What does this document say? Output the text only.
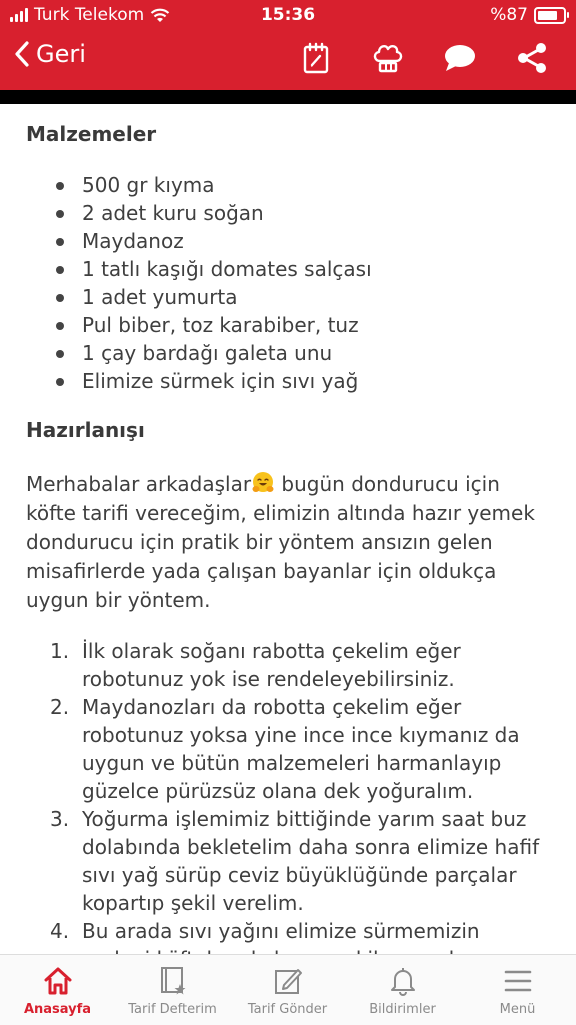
Turk Telekom	15:36	%87
Geri
Malzemeler
500 gr kıyma
2 adet kuru soğan
Maydanoz
1 tatlı kaşığı domates salçası
1 adet yumurta
Pul biber, toz karabiber, tuz
1 çay bardağı galeta unu
Elimize sürmek için sıvı yağ
Hazırlanışı

Merhabalar arkadaşlar bugün dondurucu için köfte tarifi vereceğim, elimizin altında hazır yemek dondurucu için pratik bir yöntem ansızın gelen misafirlerde yada çalışan bayanlar için oldukça uygun bir yöntem.

1. İlk olarak soğanı rabotta çekelim eğer robotunuz yok ise rendeleyebilirsiniz.
2. Maydanozları da robotta çekelim eğer robotunuz yoksa yine ince ince kıymanız da uygun ve bütün malzemeleri harmanlayıp güzelce pürüzsüz olana dek yoğuralım.
3. Yoğurma işlemimiz bittiğinde yarım saat buz dolabında bekletelim daha sonra elimize hafif sıvı yağ sürüp ceviz büyüklüğünde parçalar kopartıp şekil verelim.
4. Bu arada sıvı yağını elimize sürmemizin
Anasayfa	Tarif Defterim	Tarif Gönder	Bildirimler	Menü
